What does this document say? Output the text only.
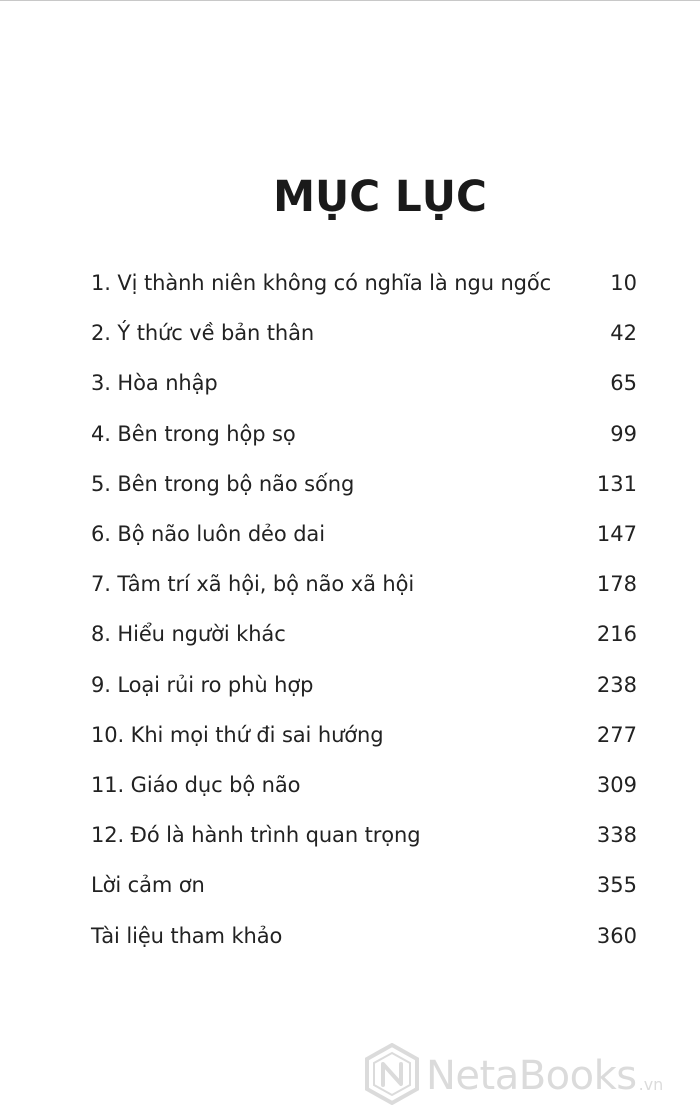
MỤC LỤC
1. Vị thành niên không có nghĩa là ngu ngốc	10
2. Ý thức về bản thân	42
3. Hòa nhập	65
4. Bên trong hộp sọ	99
5. Bên trong bộ não sống	131
6. Bộ não luôn dẻo dai	147
7. Tâm trí xã hội, bộ não xã hội	178
8. Hiểu người khác	216
9. Loại rủi ro phù hợp	238
10. Khi mọi thứ đi sai hướng	277
11. Giáo dục bộ não	309
12. Đó là hành trình quan trọng	338
Lời cảm ơn	355
Tài liệu tham khảo	360
NetaBooks .vn
